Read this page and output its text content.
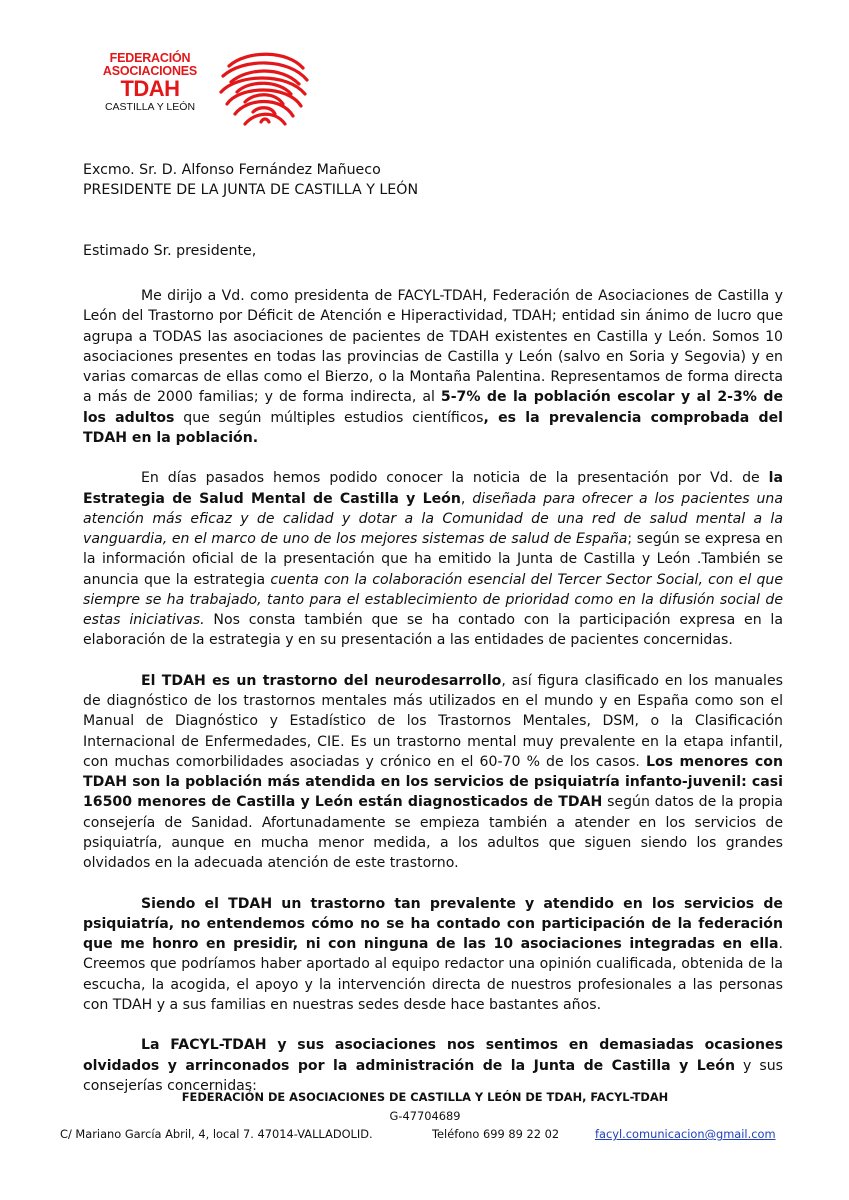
FEDERACIÓN
ASOCIACIONES
TDAH
CASTILLA Y LEÓN
Excmo. Sr. D. Alfonso Fernández Mañueco
PRESIDENTE DE LA JUNTA DE CASTILLA Y LEÓN
Estimado Sr. presidente,

Me dirijo a Vd. como presidenta de FACYL-TDAH, Federación de Asociaciones de Castilla y León del Trastorno por Déficit de Atención e Hiperactividad, TDAH; entidad sin ánimo de lucro que agrupa a TODAS las asociaciones de pacientes de TDAH existentes en Castilla y León. Somos 10 asociaciones presentes en todas las provincias de Castilla y León (salvo en Soria y Segovia) y en varias comarcas de ellas como el Bierzo, o la Montaña Palentina. Representamos de forma directa a más de 2000 familias; y de forma indirecta, al 5-7% de la población escolar y al 2-3% de los adultos que según múltiples estudios científicos, es la prevalencia comprobada del TDAH en la población.

En días pasados hemos podido conocer la noticia de la presentación por Vd. de la Estrategia de Salud Mental de Castilla y León, diseñada para ofrecer a los pacientes una atención más eficaz y de calidad y dotar a la Comunidad de una red de salud mental a la vanguardia, en el marco de uno de los mejores sistemas de salud de España; según se expresa en la información oficial de la presentación que ha emitido la Junta de Castilla y León .También se anuncia que la estrategia cuenta con la colaboración esencial del Tercer Sector Social, con el que siempre se ha trabajado, tanto para el establecimiento de prioridad como en la difusión social de estas iniciativas. Nos consta también que se ha contado con la participación expresa en la elaboración de la estrategia y en su presentación a las entidades de pacientes concernidas.

El TDAH es un trastorno del neurodesarrollo, así figura clasificado en los manuales de diagnóstico de los trastornos mentales más utilizados en el mundo y en España como son el Manual de Diagnóstico y Estadístico de los Trastornos Mentales, DSM, o la Clasificación Internacional de Enfermedades, CIE. Es un trastorno mental muy prevalente en la etapa infantil, con muchas comorbilidades asociadas y crónico en el 60-70 % de los casos. Los menores con TDAH son la población más atendida en los servicios de psiquiatría infanto-juvenil: casi 16500 menores de Castilla y León están diagnosticados de TDAH según datos de la propia consejería de Sanidad. Afortunadamente se empieza también a atender en los servicios de psiquiatría, aunque en mucha menor medida, a los adultos que siguen siendo los grandes olvidados en la adecuada atención de este trastorno.

Siendo el TDAH un trastorno tan prevalente y atendido en los servicios de psiquiatría, no entendemos cómo no se ha contado con participación de la federación que me honro en presidir, ni con ninguna de las 10 asociaciones integradas en ella. Creemos que podríamos haber aportado al equipo redactor una opinión cualificada, obtenida de la escucha, la acogida, el apoyo y la intervención directa de nuestros profesionales a las personas con TDAH y a sus familias en nuestras sedes desde hace bastantes años.

La FACYL-TDAH y sus asociaciones nos sentimos en demasiadas ocasiones olvidados y arrinconados por la administración de la Junta de Castilla y León y sus consejerías concernidas:

FEDERACIÓN DE ASOCIACIONES DE CASTILLA Y LEÓN DE TDAH, FACYL-TDAH
G-47704689
C/ Mariano García Abril, 4, local 7. 47014-VALLADOLID.	Teléfono 699 89 22 02	facyl.comunicacion@gmail.com
